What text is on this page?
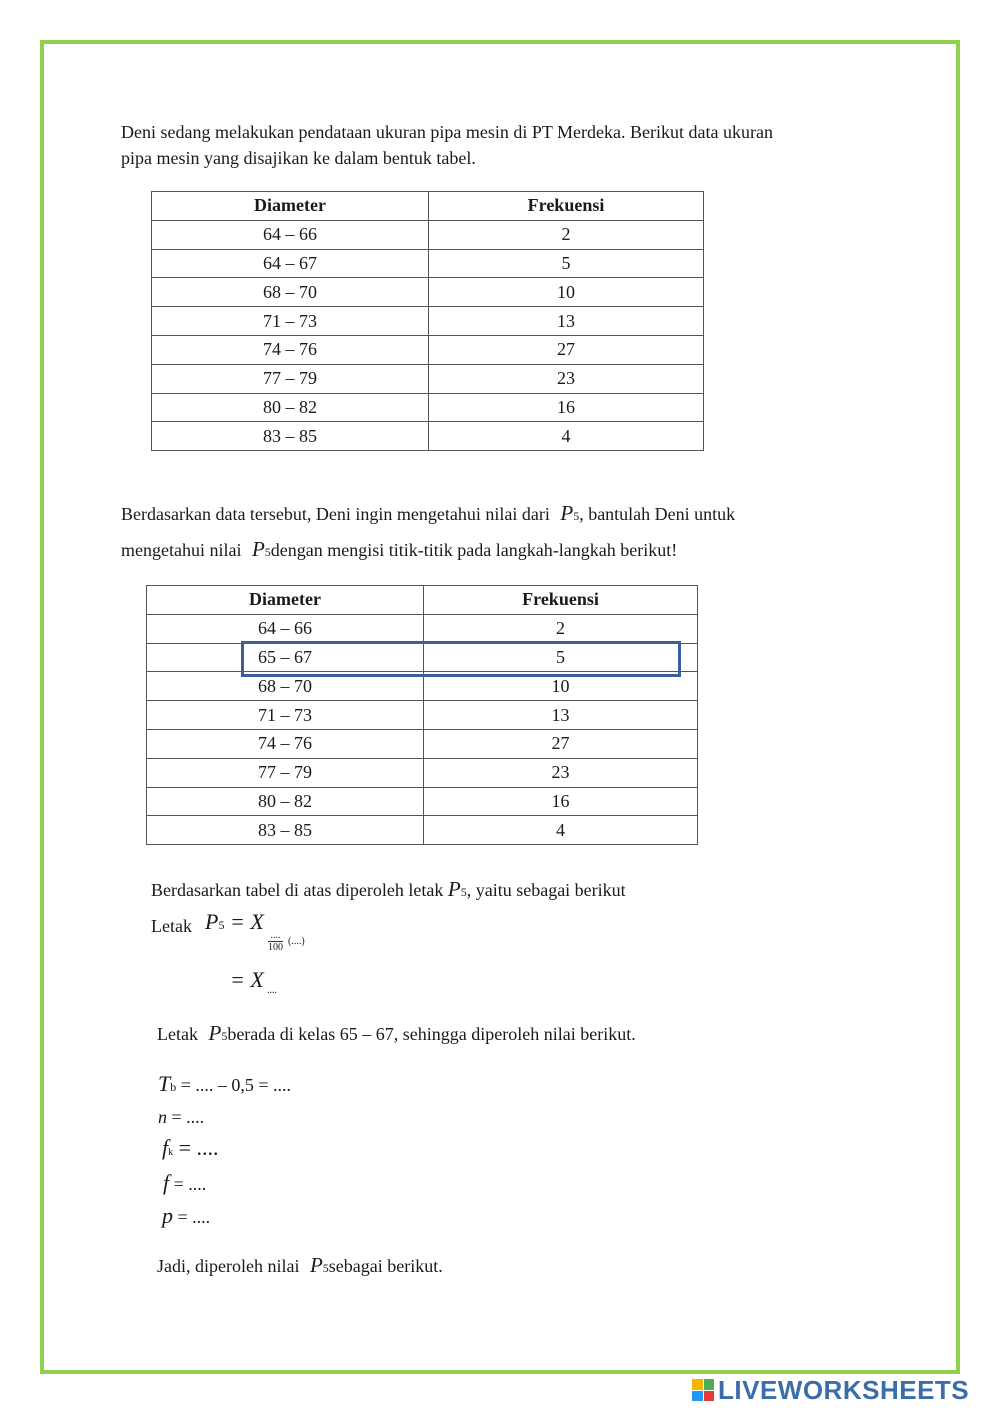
Deni sedang melakukan pendataan ukuran pipa mesin di PT Merdeka. Berikut data ukuran
pipa mesin yang disajikan ke dalam bentuk tabel.
Diameter	Frekuensi
64 – 66	2
64 – 67	5
68 – 70	10
71 – 73	13
74 – 76	27
77 – 79	23
80 – 82	16
83 – 85	4
Berdasarkan data tersebut, Deni ingin mengetahui nilai dari P5, bantulah Deni untuk
mengetahui nilai P5dengan mengisi titik-titik pada langkah-langkah berikut!
Diameter	Frekuensi
64 – 66	2
65 – 67	5
68 – 70	10
71 – 73	13
74 – 76	27
77 – 79	23
80 – 82	16
83 – 85	4
Berdasarkan tabel di atas diperoleh letak P5, yaitu sebagai berikut
Letak P5 = X
....
100
(....)
= X ....
Letak P5berada di kelas 65 – 67, sehingga diperoleh nilai berikut.
Tb = .... – 0,5 = ....
n = ....
fk = ....
f = ....
p = ....
Jadi, diperoleh nilai P5sebagai berikut.
LIVEWORKSHEETS
